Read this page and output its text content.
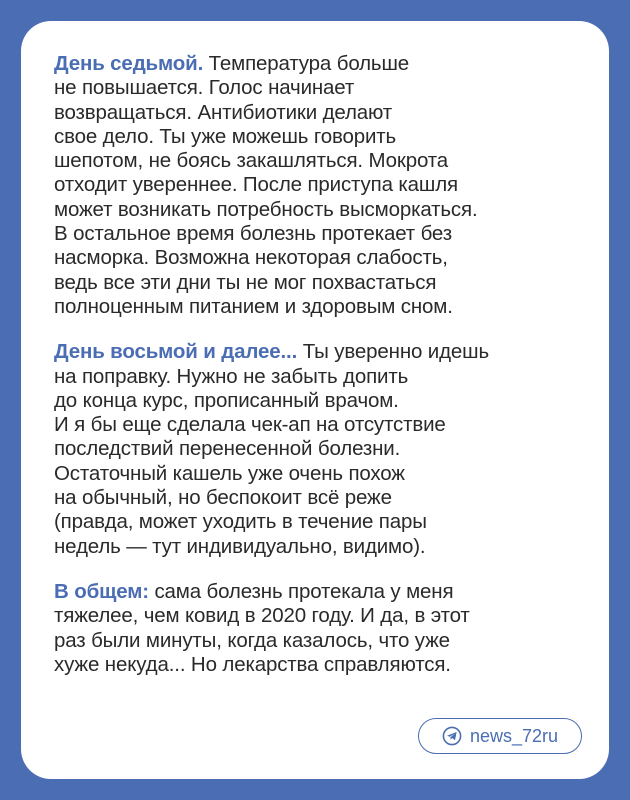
День седьмой. Температура больше
не повышается. Голос начинает
возвращаться. Антибиотики делают
свое дело. Ты уже можешь говорить
шепотом, не боясь закашляться. Мокрота
отходит увереннее. После приступа кашля
может возникать потребность высморкаться.
В остальное время болезнь протекает без
насморка. Возможна некоторая слабость,
ведь все эти дни ты не мог похвастаться
полноценным питанием и здоровым сном.

День восьмой и далее... Ты уверенно идешь
на поправку. Нужно не забыть допить
до конца курс, прописанный врачом.
И я бы еще сделала чек-ап на отсутствие
последствий перенесенной болезни.
Остаточный кашель уже очень похож
на обычный, но беспокоит всё реже
(правда, может уходить в течение пары
недель — тут индивидуально, видимо).

В общем: сама болезнь протекала у меня
тяжелее, чем ковид в 2020 году. И да, в этот
раз были минуты, когда казалось, что уже
хуже некуда... Но лекарства справляются.

news_72ru
